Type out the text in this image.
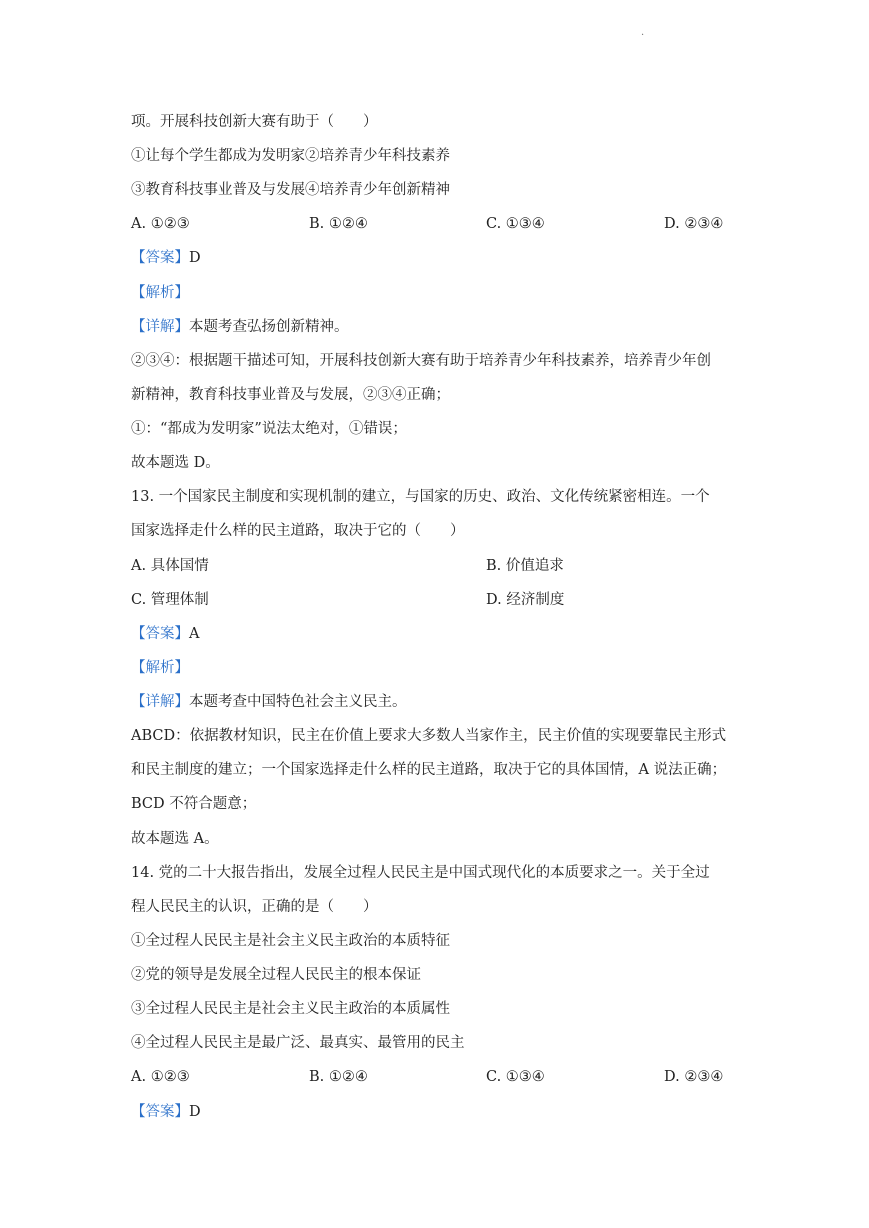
·
项。开展科技创新大赛有助于（　　）
①让每个学生都成为发明家②培养青少年科技素养
③教育科技事业普及与发展④培养青少年创新精神
A. ①②③	B. ①②④	C. ①③④	D. ②③④
【答案】D
【解析】
【详解】本题考查弘扬创新精神。
②③④：根据题干描述可知，开展科技创新大赛有助于培养青少年科技素养，培养青少年创
新精神，教育科技事业普及与发展，②③④正确；
①：“都成为发明家”说法太绝对，①错误；
故本题选 D。
13. 一个国家民主制度和实现机制的建立，与国家的历史、政治、文化传统紧密相连。一个
国家选择走什么样的民主道路，取决于它的（　　）
A. 具体国情	B. 价值追求
C. 管理体制	D. 经济制度
【答案】A
【解析】
【详解】本题考查中国特色社会主义民主。
ABCD：依据教材知识，民主在价值上要求大多数人当家作主，民主价值的实现要靠民主形式
和民主制度的建立；一个国家选择走什么样的民主道路，取决于它的具体国情，A 说法正确；
BCD 不符合题意；
故本题选 A。
14. 党的二十大报告指出，发展全过程人民民主是中国式现代化的本质要求之一。关于全过
程人民民主的认识，正确的是（　　）
①全过程人民民主是社会主义民主政治的本质特征
②党的领导是发展全过程人民民主的根本保证
③全过程人民民主是社会主义民主政治的本质属性
④全过程人民民主是最广泛、最真实、最管用的民主
A. ①②③	B. ①②④	C. ①③④	D. ②③④
【答案】D
